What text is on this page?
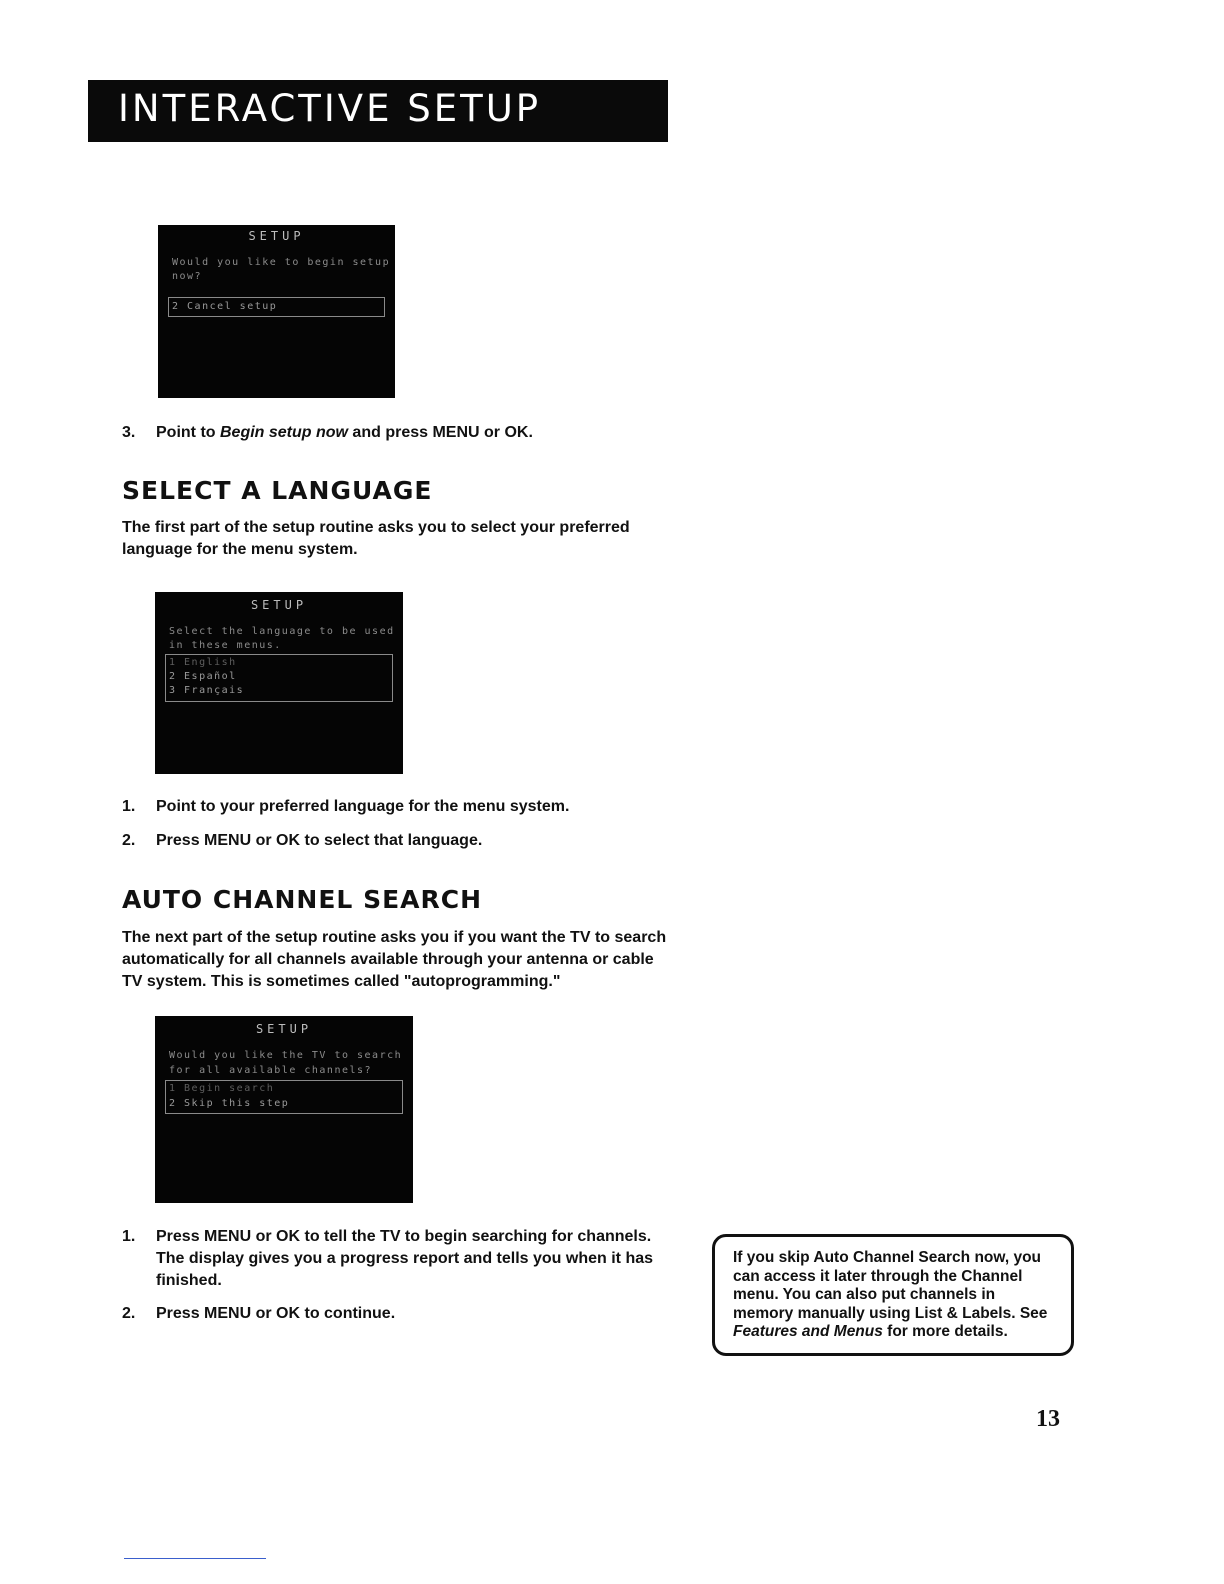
INTERACTIVE SETUP
SETUP
Would you like to begin setup
now?
2 Cancel setup
3. Point to Begin setup now and press MENU or OK.
SELECT A LANGUAGE
The first part of the setup routine asks you to select your preferred
language for the menu system.
SETUP
Select the language to be used
in these menus.
1 English
2 Español
3 Français
1. Point to your preferred language for the menu system.
2. Press MENU or OK to select that language.
AUTO CHANNEL SEARCH
The next part of the setup routine asks you if you want the TV to search
automatically for all channels available through your antenna or cable
TV system. This is sometimes called "autoprogramming."
SETUP
Would you like the TV to search
for all available channels?
1 Begin search
2 Skip this step
1. Press MENU or OK to tell the TV to begin searching for channels.
The display gives you a progress report and tells you when it has
finished.
2. Press MENU or OK to continue.
If you skip Auto Channel Search now, you
can access it later through the Channel
menu. You can also put channels in
memory manually using List & Labels. See
Features and Menus for more details.
13
